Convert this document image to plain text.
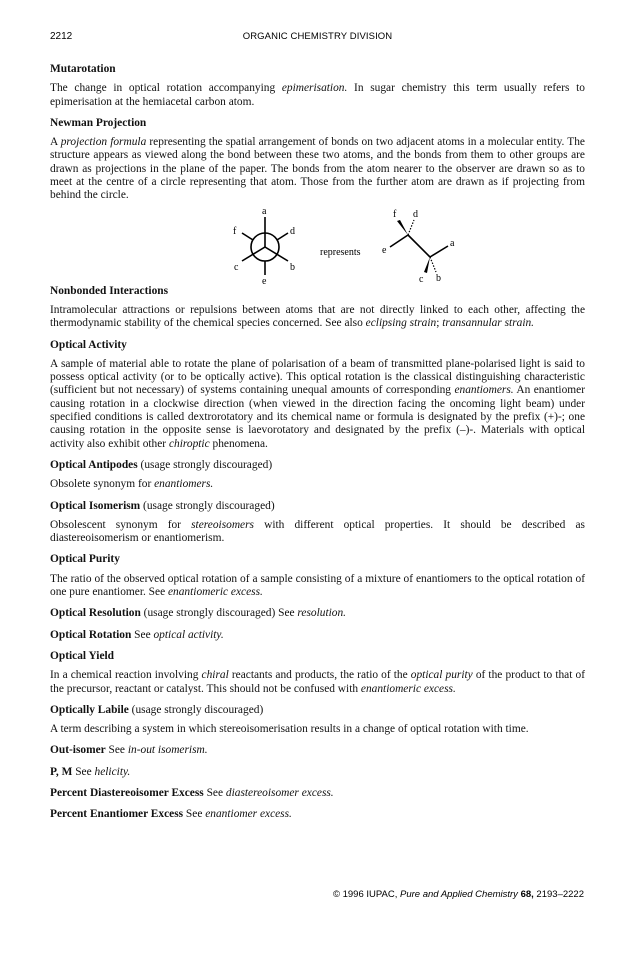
2212	ORGANIC CHEMISTRY DIVISION
Mutarotation

The change in optical rotation accompanying epimerisation. In sugar chemistry this term usually refers to epimerisation at the hemiacetal carbon atom.

Newman Projection

A projection formula representing the spatial arrangement of bonds on two adjacent atoms in a molecular entity. The structure appears as viewed along the bond between these two atoms, and the bonds from them to other groups are drawn as projections in the plane of the paper. The bonds from the atom nearer to the observer are drawn so as to meet at the centre of a circle representing that atom. Those from the further atom are drawn as if projecting from behind the circle.

a
d
f
b
c
e
represents
f d
e
a
c b
Nonbonded Interactions

Intramolecular attractions or repulsions between atoms that are not directly linked to each other, affecting the thermodynamic stability of the chemical species concerned. See also eclipsing strain; transannular strain.

Optical Activity

A sample of material able to rotate the plane of polarisation of a beam of transmitted plane-polarised light is said to possess optical activity (or to be optically active). This optical rotation is the classical distinguishing characteristic (sufficient but not necessary) of systems containing unequal amounts of corresponding enantiomers. An enantiomer causing rotation in a clockwise direction (when viewed in the direction facing the oncoming light beam) under specified conditions is called dextrorotatory and its chemical name or formula is designated by the prefix (+)-; one causing rotation in the opposite sense is laevorotatory and designated by the prefix (–)-. Materials with optical activity also exhibit other chiroptic phenomena.

Optical Antipodes (usage strongly discouraged)

Obsolete synonym for enantiomers.

Optical Isomerism (usage strongly discouraged)

Obsolescent synonym for stereoisomers with different optical properties. It should be described as diastereoisomerism or enantiomerism.

Optical Purity

The ratio of the observed optical rotation of a sample consisting of a mixture of enantiomers to the optical rotation of one pure enantiomer. See enantiomeric excess.

Optical Resolution (usage strongly discouraged) See resolution.
Optical Rotation See optical activity.
Optical Yield

In a chemical reaction involving chiral reactants and products, the ratio of the optical purity of the product to that of the precursor, reactant or catalyst. This should not be confused with enantiomeric excess.

Optically Labile (usage strongly discouraged)

A term describing a system in which stereoisomerisation results in a change of optical rotation with time.

Out-isomer See in-out isomerism.
P, M See helicity.
Percent Diastereoisomer Excess See diastereoisomer excess.
Percent Enantiomer Excess See enantiomer excess.
© 1996 IUPAC, Pure and Applied Chemistry 68, 2193–2222
